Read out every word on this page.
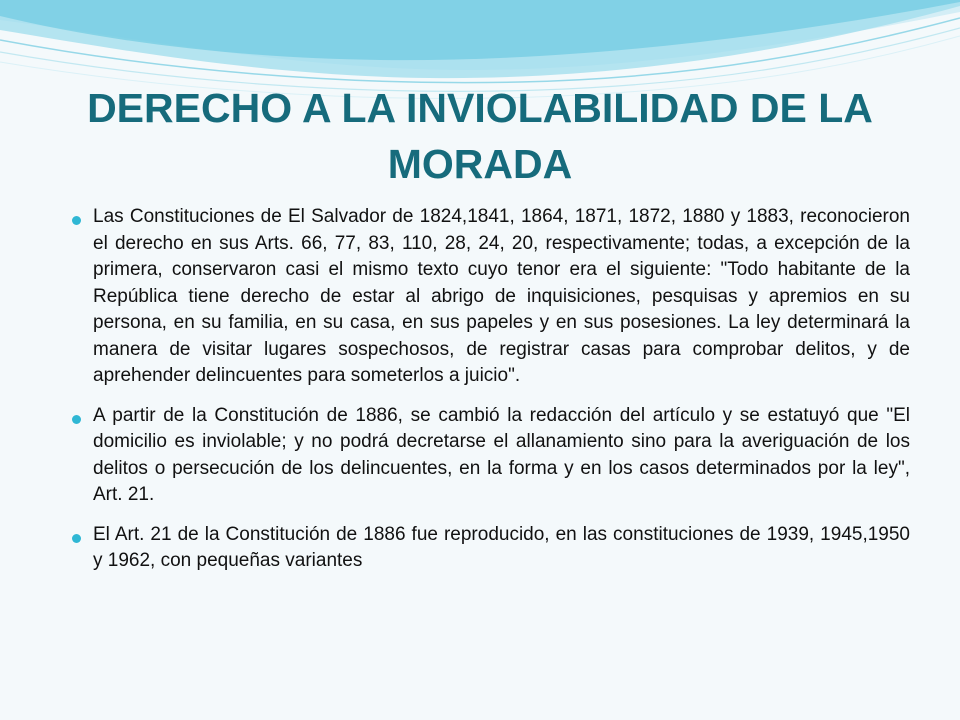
DERECHO A LA INVIOLABILIDAD DE LA MORADA
Las Constituciones de El Salvador de 1824,1841, 1864, 1871, 1872, 1880 y 1883, reconocieron el derecho en sus Arts. 66, 77, 83, 110, 28, 24, 20, respectivamente; todas, a excepción de la primera, conservaron casi el mismo texto cuyo tenor era el siguiente: "Todo habitante de la República tiene derecho de estar al abrigo de inquisiciones, pesquisas y apremios en su persona, en su familia, en su casa, en sus papeles y en sus posesiones. La ley determinará la manera de visitar lugares sospechosos, de registrar casas para comprobar delitos, y de aprehender delincuentes para someterlos a juicio".
A partir de la Constitución de 1886, se cambió la redacción del artículo y se estatuyó que "El domicilio es inviolable; y no podrá decretarse el allanamiento sino para la averiguación de los delitos o persecución de los delincuentes, en la forma y en los casos determinados por la ley", Art. 21.
El Art. 21 de la Constitución de 1886 fue reproducido, en las constituciones de 1939, 1945,1950 y 1962, con pequeñas variantes
